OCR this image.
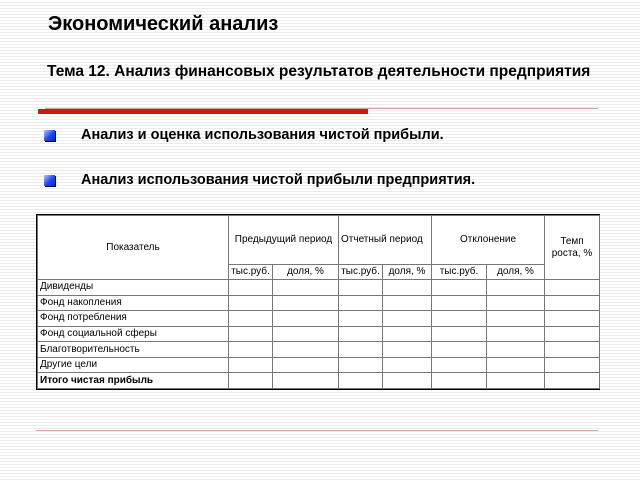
Экономический анализ
Тема 12. Анализ финансовых результатов деятельности предприятия
Анализ и оценка использования чистой прибыли.
Анализ использования чистой прибыли предприятия.
Показатель	Предыдущий период		Отчетный период		Отклонение		Темп роста, %
	тыс.руб.	доля, %	тыс.руб.	доля, %	тыс.руб.	доля, %	
Дивиденды							
Фонд накопления							
Фонд потребления							
Фонд социальной сферы							
Благотворительность							
Другие цели							
Итого чистая прибыль							
